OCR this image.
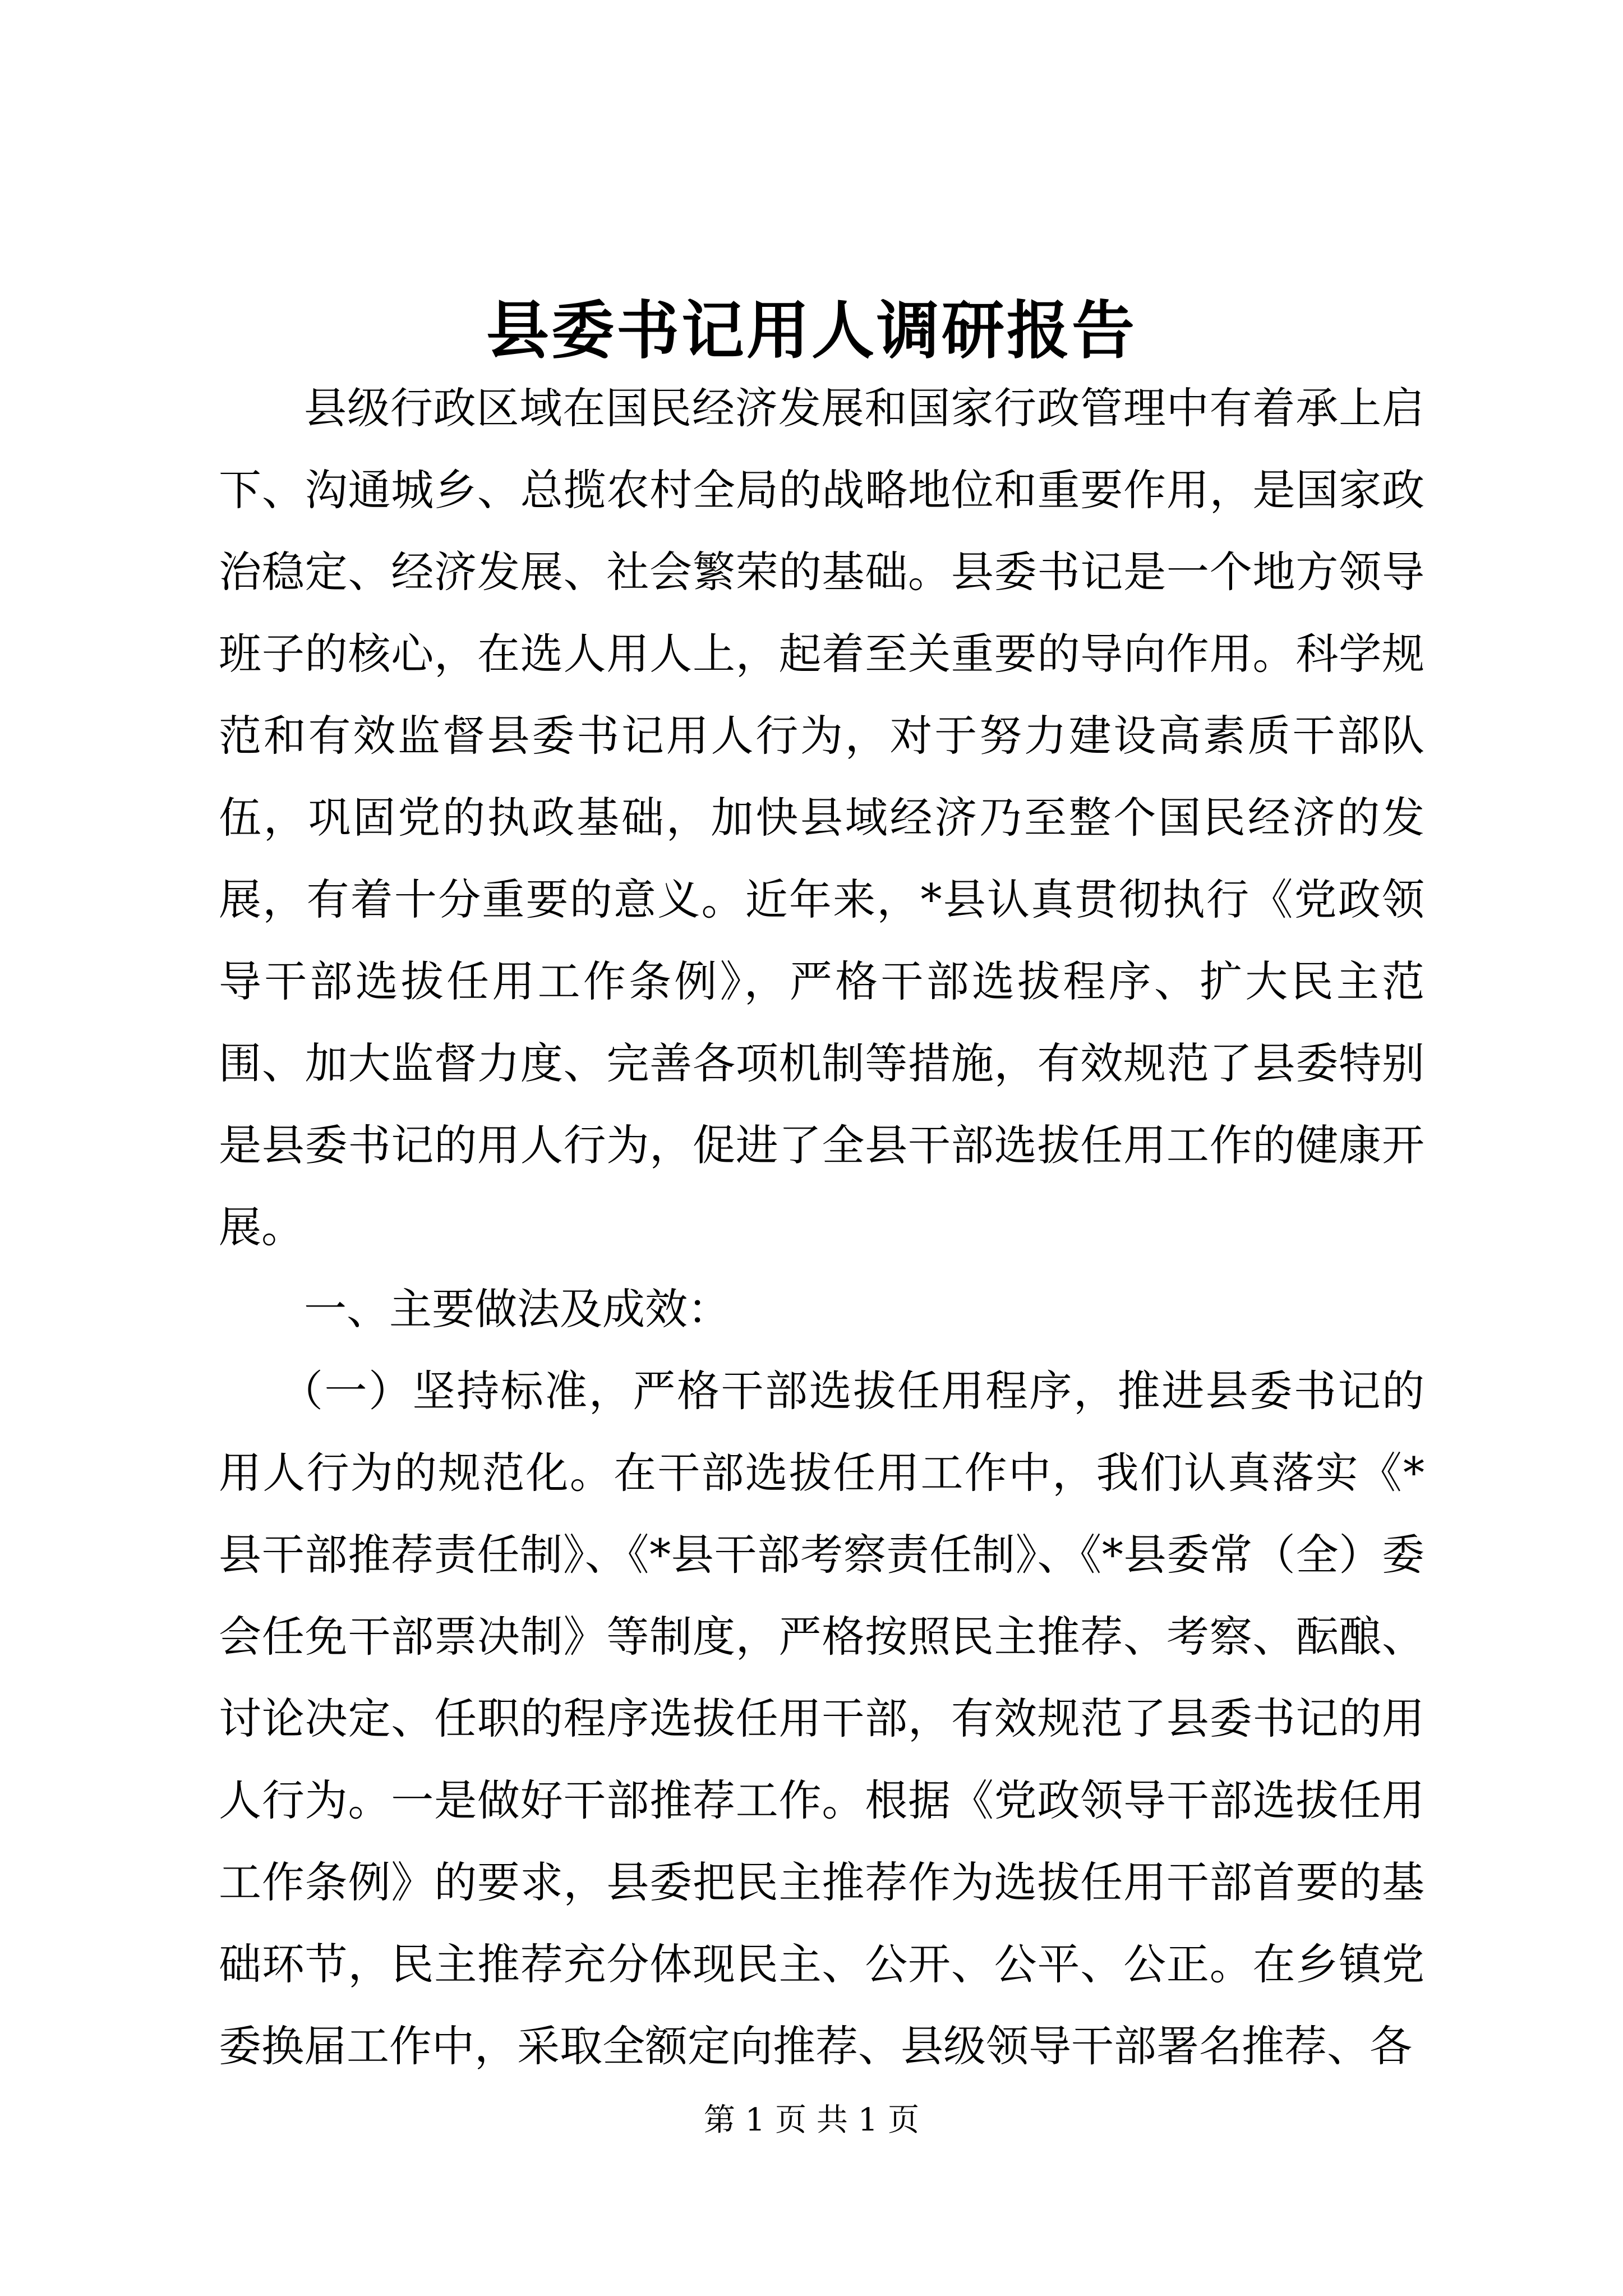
县委书记用人调研报告

县级行政区域在国民经济发展和国家行政管理中有着承上启下、沟通城乡、总揽农村全局的战略地位和重要作用，是国家政治稳定、经济发展、社会繁荣的基础。县委书记是一个地方领导班子的核心，在选人用人上，起着至关重要的导向作用。科学规范和有效监督县委书记用人行为，对于努力建设高素质干部队伍，巩固党的执政基础，加快县域经济乃至整个国民经济的发展，有着十分重要的意义。近年来，*县认真贯彻执行《党政领导干部选拔任用工作条例》，严格干部选拔程序、扩大民主范围、加大监督力度、完善各项机制等措施，有效规范了县委特别是县委书记的用人行为，促进了全县干部选拔任用工作的健康开展。

一、主要做法及成效：

（一）坚持标准，严格干部选拔任用程序，推进县委书记的用人行为的规范化。在干部选拔任用工作中，我们认真落实《*县干部推荐责任制》、《*县干部考察责任制》、《*县委常（全）委会任免干部票决制》等制度，严格按照民主推荐、考察、酝酿、讨论决定、任职的程序选拔任用干部，有效规范了县委书记的用人行为。一是做好干部推荐工作。根据《党政领导干部选拔任用工作条例》的要求，县委把民主推荐作为选拔任用干部首要的基础环节，民主推荐充分体现民主、公开、公平、公正。在乡镇党委换届工作中，采取全额定向推荐、县级领导干部署名推荐、各

第 1 页 共 1 页
